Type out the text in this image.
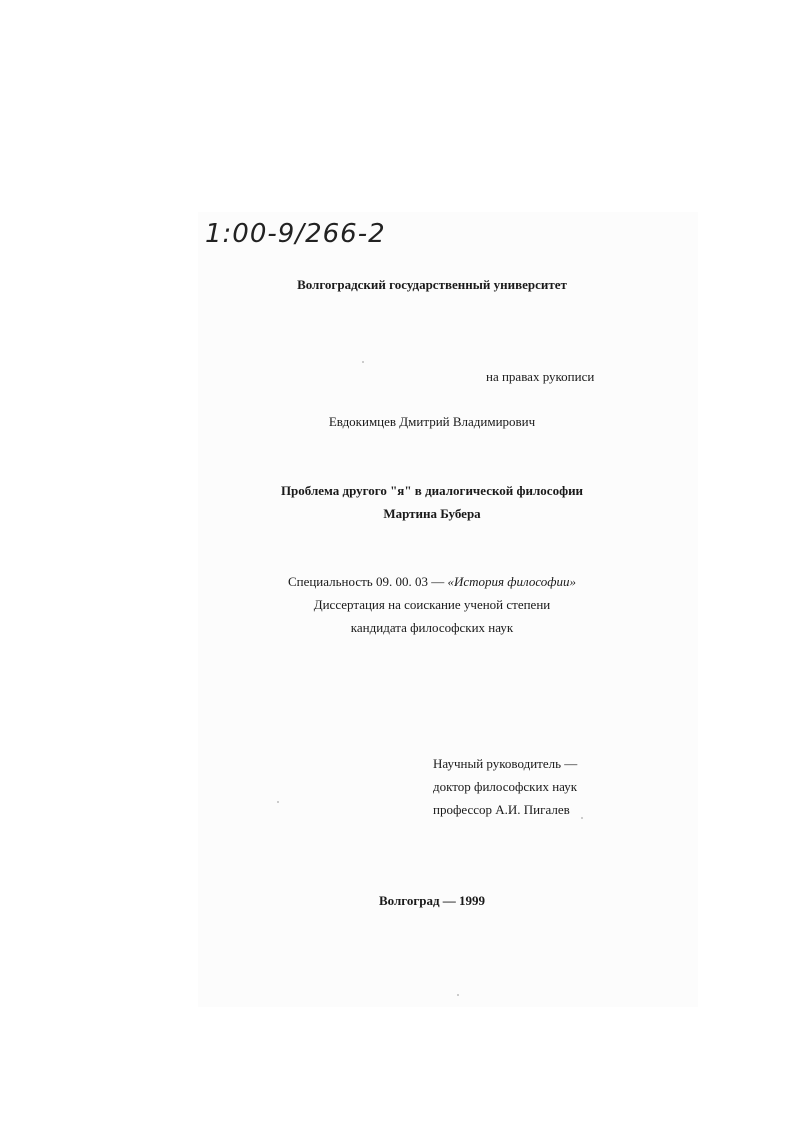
1:00-9/266-2
Волгоградский государственный университет
на правах рукописи
Евдокимцев Дмитрий Владимирович
Проблема другого "я" в диалогической философии
Мартина Бубера
Специальность 09. 00. 03 — «История философии»
Диссертация на соискание ученой степени
кандидата философских наук
Научный руководитель —
доктор философских наук
профессор А.И. Пигалев
Волгоград — 1999
